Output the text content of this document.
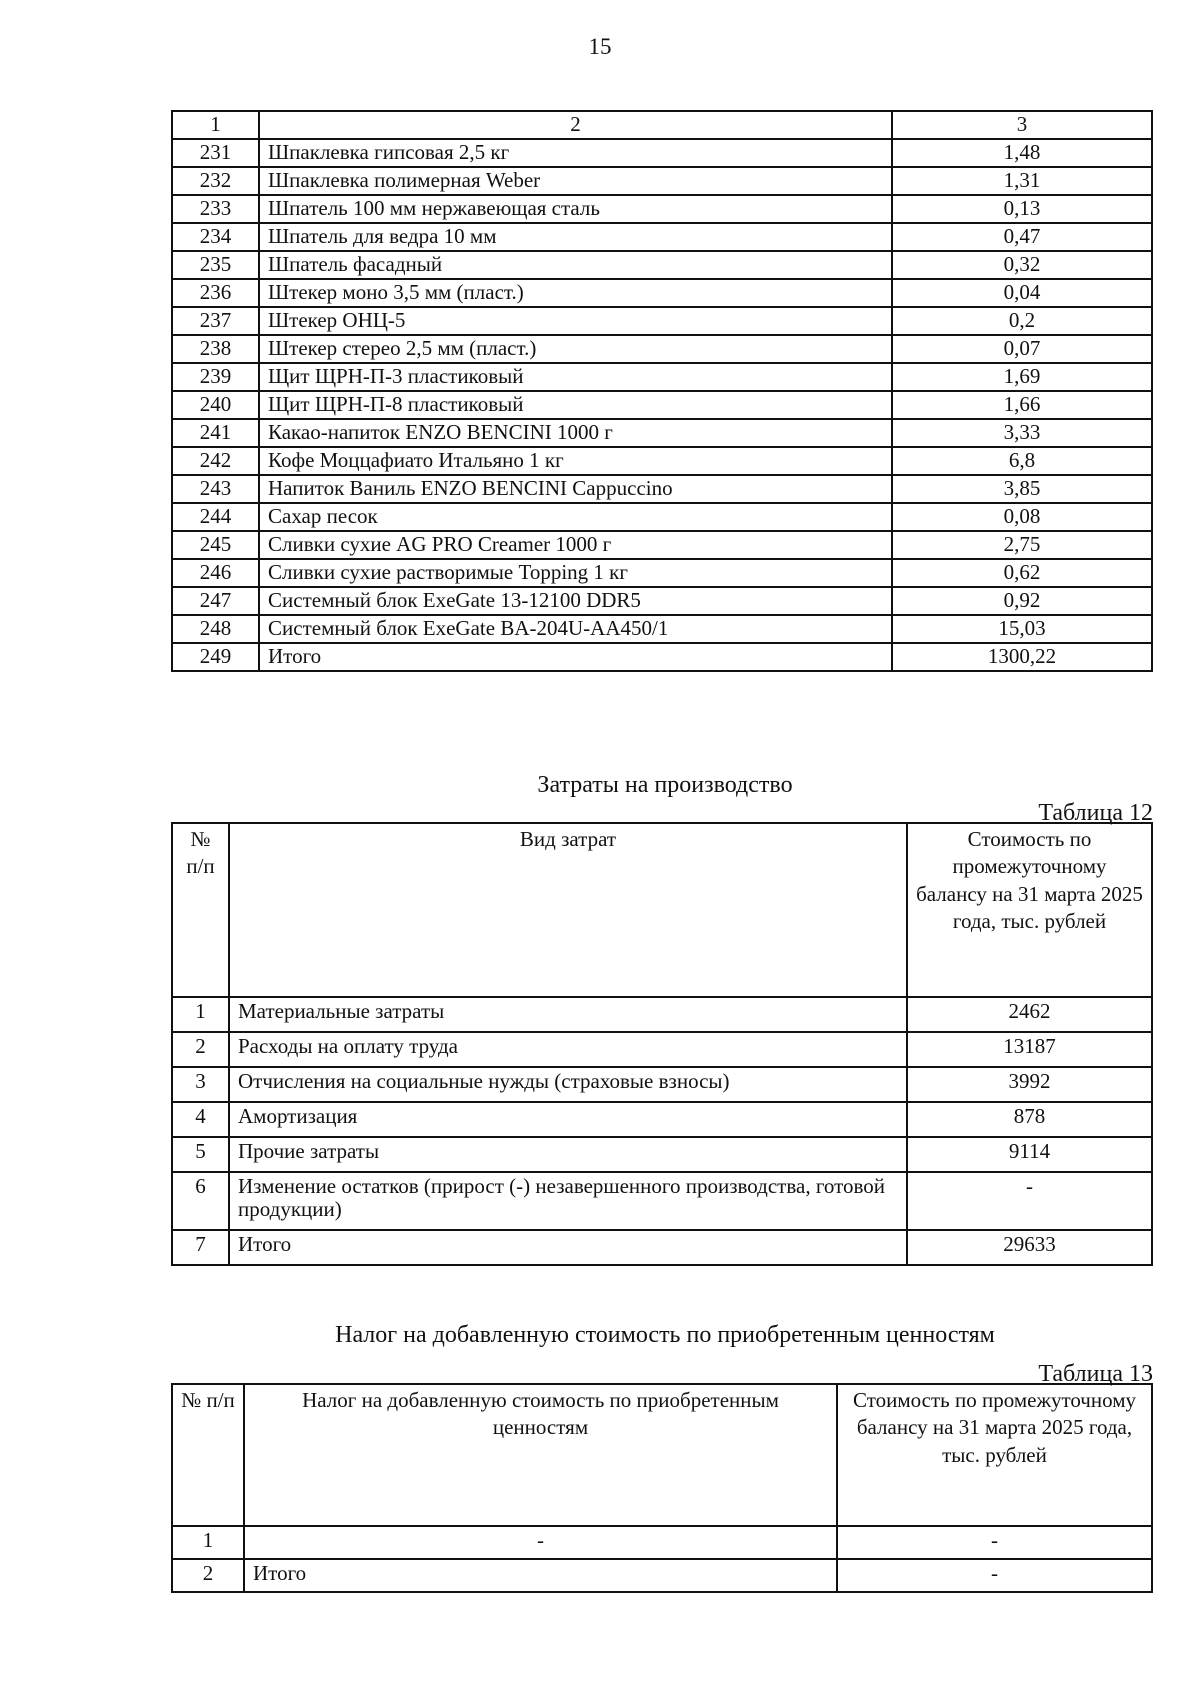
15
1	2	3
231	Шпаклевка гипсовая 2,5 кг	1,48
232	Шпаклевка полимерная Weber	1,31
233	Шпатель 100 мм нержавеющая сталь	0,13
234	Шпатель для ведра 10 мм	0,47
235	Шпатель фасадный	0,32
236	Штекер моно 3,5 мм (пласт.)	0,04
237	Штекер ОНЦ-5	0,2
238	Штекер стерео 2,5 мм (пласт.)	0,07
239	Щит ЩРН-П-3 пластиковый	1,69
240	Щит ЩРН-П-8 пластиковый	1,66
241	Какао-напиток ENZO BENCINI 1000 г	3,33
242	Кофе Моццафиато Итальяно 1 кг	6,8
243	Напиток Ваниль ENZO BENCINI Cappuccino	3,85
244	Сахар песок	0,08
245	Сливки сухие AG PRO Creamer 1000 г	2,75
246	Сливки сухие растворимые Topping 1 кг	0,62
247	Системный блок ExeGate 13-12100 DDR5	0,92
248	Системный блок ExeGate BA-204U-AA450/1	15,03
249	Итого	1300,22
Затраты на производство
Таблица 12
№ п/п	Вид затрат	Стоимость по промежуточному балансу на 31 марта 2025 года, тыс. рублей
1	Материальные затраты	2462
2	Расходы на оплату труда	13187
3	Отчисления на социальные нужды (страховые взносы)	3992
4	Амортизация	878
5	Прочие затраты	9114
6	Изменение остатков (прирост (-) незавершенного производства, готовой продукции)	-
7	Итого	29633
Налог на добавленную стоимость по приобретенным ценностям
Таблица 13
№ п/п	Налог на добавленную стоимость по приобретенным ценностям	Стоимость по промежуточному балансу на 31 марта 2025 года, тыс. рублей
1	-	-
2	Итого	-
